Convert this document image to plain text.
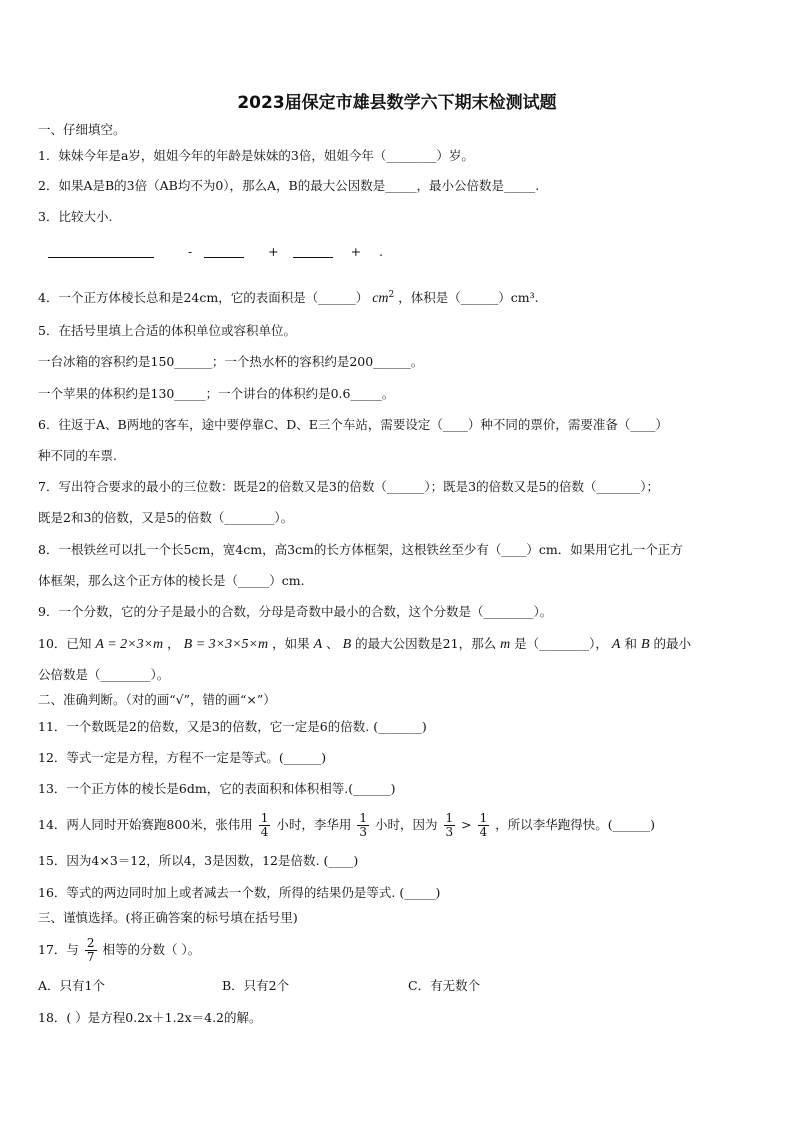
2023届保定市雄县数学六下期末检测试题
一、仔细填空。
1．妹妹今年是a岁，姐姐今年的年龄是妹妹的3倍，姐姐今年（________）岁。
2．如果A是B的3倍（AB均不为0），那么A，B的最大公因数是_____，最小公倍数是_____.
3．比较大小.
-	+	+ .
4．一个正方体棱长总和是24cm，它的表面积是（______） $cm^2$ ，体积是（______）cm³.
5．在括号里填上合适的体积单位或容积单位。
一台冰箱的容积约是150______；一个热水杯的容积约是200______。
一个苹果的体积约是130_____；一个讲台的体积约是0.6_____。
6．往返于A、B两地的客车，途中要停靠C、D、E三个车站，需要设定（____）种不同的票价，需要准备（____）
种不同的车票.
7．写出符合要求的最小的三位数：既是2的倍数又是3的倍数（______）；既是3的倍数又是5的倍数（_______）；
既是2和3的倍数，又是5的倍数（________）。
8．一根铁丝可以扎一个长5cm，宽4cm，高3cm的长方体框架，这根铁丝至少有（____）cm．如果用它扎一个正方
体框架，那么这个正方体的棱长是（_____）cm.
9．一个分数，它的分子是最小的合数，分母是奇数中最小的合数，这个分数是（________）。
10．已知 A = 2×3×m ， B = 3×3×5×m ，如果 A 、 B 的最大公因数是21，那么 m 是（________）， A 和 B 的最小
公倍数是（________）。
二、准确判断。（对的画“√”，错的画“×”）
11．一个数既是2的倍数，又是3的倍数，它一定是6的倍数. (_______)
12．等式一定是方程，方程不一定是等式。(______)
13．一个正方体的棱长是6dm，它的表面积和体积相等.(______)
14．两人同时开始赛跑800米，张伟用 $\frac{1}{4}$ 小时，李华用 $\frac{1}{3}$ 小时，因为 $\frac{1}{3} > \frac{1}{4}$ ，所以李华跑得快。(______)
15．因为4×3＝12，所以4，3是因数，12是倍数. (____)
16．等式的两边同时加上或者减去一个数，所得的结果仍是等式. (_____)
三、谨慎选择。(将正确答案的标号填在括号里)
17．与 $\frac{2}{7}$ 相等的分数（ ）。
A．只有1个	B．只有2个	C．有无数个
18．( ）是方程0.2x＋1.2x＝4.2的解。
